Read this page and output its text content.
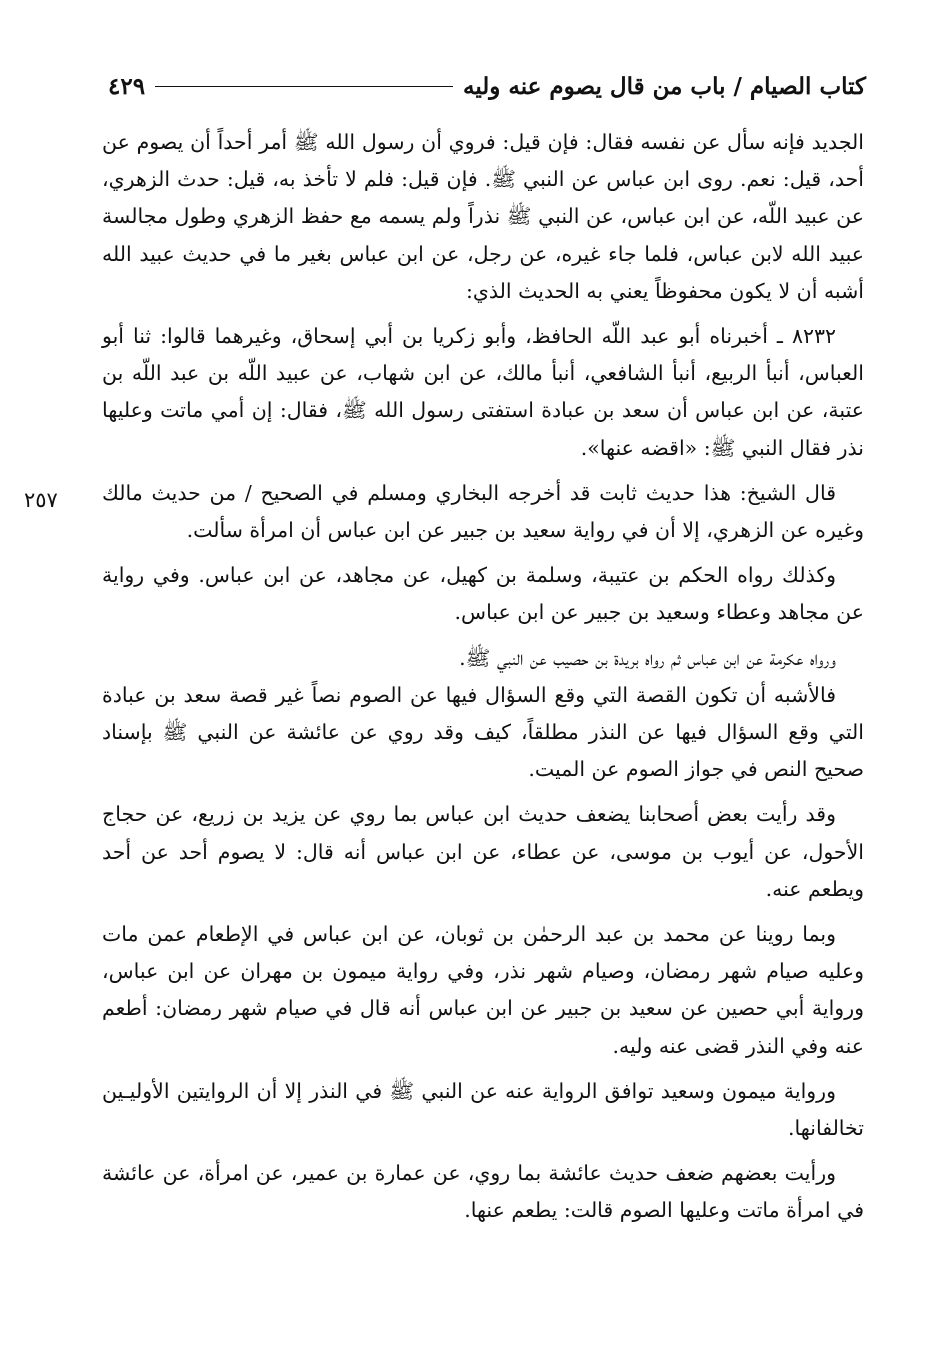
كتاب الصيام / باب من قال يصوم عنه وليه
٤٢٩
٢٥٧

الجديد فإنه سأل عن نفسه فقال: فإن قيل: فروي أن رسول الله ﷺ أمر أحداً أن يصوم عن أحد، قيل: نعم. روى ابن عباس عن النبي ﷺ. فإن قيل: فلم لا تأخذ به، قيل: حدث الزهري، عن عبيد اللّه، عن ابن عباس، عن النبي ﷺ نذراً ولم يسمه مع حفظ الزهري وطول مجالسة عبيد الله لابن عباس، فلما جاء غيره، عن رجل، عن ابن عباس بغير ما في حديث عبيد الله أشبه أن لا يكون محفوظاً يعني به الحديث الذي:

٨٢٣٢ ـ أخبرناه أبو عبد اللّه الحافظ، وأبو زكريا بن أبي إسحاق، وغيرهما قالوا: ثنا أبو العباس، أنبأ الربيع، أنبأ الشافعي، أنبأ مالك، عن ابن شهاب، عن عبيد اللّه بن عبد اللّه بن عتبة، عن ابن عباس أن سعد بن عبادة استفتى رسول الله ﷺ، فقال: إن أمي ماتت وعليها نذر فقال النبي ﷺ: «اقضه عنها».

قال الشيخ: هذا حديث ثابت قد أخرجه البخاري ومسلم في الصحيح / من حديث مالك وغيره عن الزهري، إلا أن في رواية سعيد بن جبير عن ابن عباس أن امرأة سألت.

وكذلك رواه الحكم بن عتيبة، وسلمة بن كهيل، عن مجاهد، عن ابن عباس. وفي رواية عن مجاهد وعطاء وسعيد بن جبير عن ابن عباس.

ورواه عكرمة عن ابن عباس ثم رواه بريدة بن حصيب عن النبي ﷺ.

فالأشبه أن تكون القصة التي وقع السؤال فيها عن الصوم نصاً غير قصة سعد بن عبادة التي وقع السؤال فيها عن النذر مطلقاً، كيف وقد روي عن عائشة عن النبي ﷺ بإسناد صحيح النص في جواز الصوم عن الميت.

وقد رأيت بعض أصحابنا يضعف حديث ابن عباس بما روي عن يزيد بن زريع، عن حجاج الأحول، عن أيوب بن موسى، عن عطاء، عن ابن عباس أنه قال: لا يصوم أحد عن أحد ويطعم عنه.

وبما روينا عن محمد بن عبد الرحمٰن بن ثوبان، عن ابن عباس في الإطعام عمن مات وعليه صيام شهر رمضان، وصيام شهر نذر، وفي رواية ميمون بن مهران عن ابن عباس، ورواية أبي حصين عن سعيد بن جبير عن ابن عباس أنه قال في صيام شهر رمضان: أطعم عنه وفي النذر قضى عنه وليه.

ورواية ميمون وسعيد توافق الرواية عنه عن النبي ﷺ في النذر إلا أن الروايتين الأوليـين تخالفانها.

ورأيت بعضهم ضعف حديث عائشة بما روي، عن عمارة بن عمير، عن امرأة، عن عائشة في امرأة ماتت وعليها الصوم قالت: يطعم عنها.
